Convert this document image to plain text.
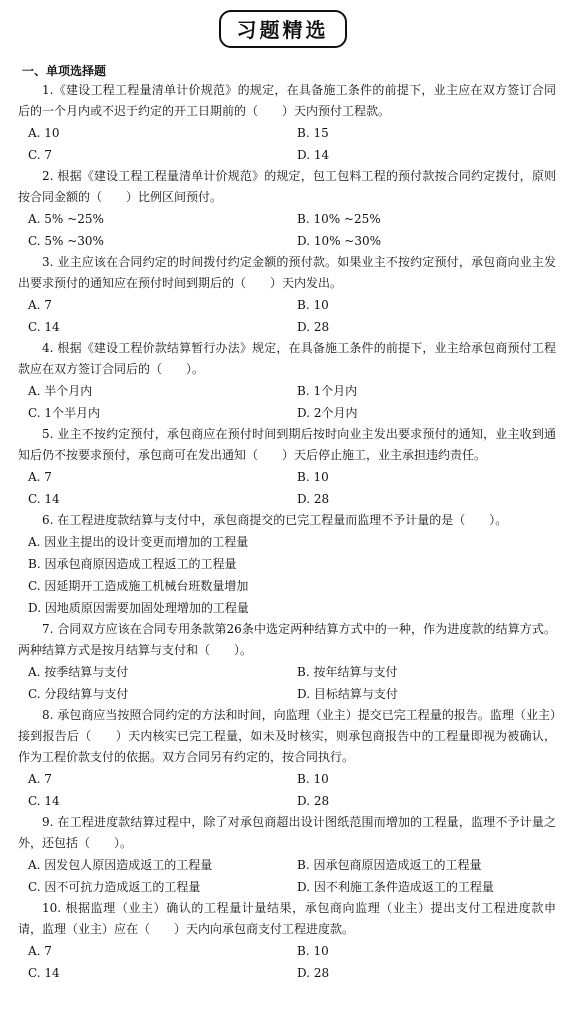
习题精选
一、单项选择题

1.《建设工程工程量清单计价规范》的规定，在具备施工条件的前提下，业主应在双方签订合同后的一个月内或不迟于约定的开工日期前的（　　）天内预付工程款。

A. 10	B. 15
C. 7	D. 14

2. 根据《建设工程工程量清单计价规范》的规定，包工包料工程的预付款按合同约定拨付，原则按合同金额的（　　）比例区间预付。

A. 5% ~25%	B. 10% ~25%
C. 5% ~30%	D. 10% ~30%

3. 业主应该在合同约定的时间拨付约定金额的预付款。如果业主不按约定预付，承包商向业主发出要求预付的通知应在预付时间到期后的（　　）天内发出。

A. 7	B. 10
C. 14	D. 28

4. 根据《建设工程价款结算暂行办法》规定，在具备施工条件的前提下，业主给承包商预付工程款应在双方签订合同后的（　　）。

A. 半个月内	B. 1个月内
C. 1个半月内	D. 2个月内

5. 业主不按约定预付，承包商应在预付时间到期后按时向业主发出要求预付的通知，业主收到通知后仍不按要求预付，承包商可在发出通知（　　）天后停止施工，业主承担违约责任。

A. 7	B. 10
C. 14	D. 28

6. 在工程进度款结算与支付中，承包商提交的已完工程量而监理不予计量的是（　　）。

A. 因业主提出的设计变更而增加的工程量
B. 因承包商原因造成工程返工的工程量
C. 因延期开工造成施工机械台班数量增加
D. 因地质原因需要加固处理增加的工程量

7. 合同双方应该在合同专用条款第26条中选定两种结算方式中的一种，作为进度款的结算方式。两种结算方式是按月结算与支付和（　　）。

A. 按季结算与支付	B. 按年结算与支付
C. 分段结算与支付	D. 目标结算与支付

8. 承包商应当按照合同约定的方法和时间，向监理（业主）提交已完工程量的报告。监理（业主）接到报告后（　　）天内核实已完工程量，如未及时核实，则承包商报告中的工程量即视为被确认，作为工程价款支付的依据。双方合同另有约定的，按合同执行。

A. 7	B. 10
C. 14	D. 28

9. 在工程进度款结算过程中，除了对承包商超出设计图纸范围而增加的工程量，监理不予计量之外，还包括（　　）。

A. 因发包人原因造成返工的工程量	B. 因承包商原因造成返工的工程量
C. 因不可抗力造成返工的工程量	D. 因不利施工条件造成返工的工程量

10. 根据监理（业主）确认的工程量计量结果，承包商向监理（业主）提出支付工程进度款申请，监理（业主）应在（　　）天内向承包商支付工程进度款。

A. 7	B. 10
C. 14	D. 28
